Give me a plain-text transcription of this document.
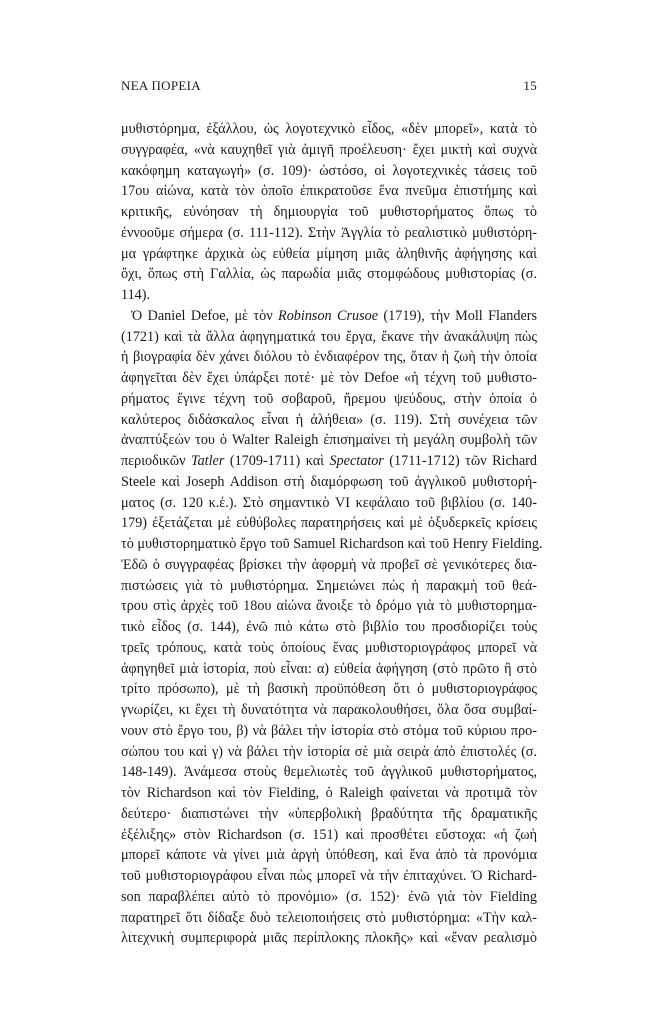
ΝΕΑ ΠΟΡΕΙΑ	15
μυθιστόρημα, ἐξάλλου, ὡς λογοτεχνικὸ εἶδος, «δὲν μπορεῖ», κατὰ τὸ
συγγραφέα, «νὰ καυχηθεῖ γιὰ ἀμιγῆ προέλευση· ἔχει μικτὴ καὶ συχνὰ
κακόφημη καταγωγή» (σ. 109)· ὡστόσο, οἱ λογοτεχνικὲς τάσεις τοῦ
17ου αἰώνα, κατὰ τὸν ὁποῖο ἐπικρατοῦσε ἕνα πνεῦμα ἐπιστήμης καὶ
κριτικῆς, εὐνόησαν τὴ δημιουργία τοῦ μυθιστορήματος ὅπως τὸ
ἐννοοῦμε σήμερα (σ. 111-112). Στὴν Ἀγγλία τὸ ρεαλιστικὸ μυθιστόρη-
μα γράφτηκε ἀρχικὰ ὡς εὐθεία μίμηση μιᾶς ἀληθινῆς ἀφήγησης καὶ
ὄχι, ὅπως στὴ Γαλλία, ὡς παρωδία μιᾶς στομφώδους μυθιστορίας (σ.
114).
Ὁ Daniel Defoe, μὲ τὸν Robinson Crusoe (1719), τὴν Moll Flanders
(1721) καὶ τὰ ἄλλα ἀφηγηματικά του ἔργα, ἔκανε τὴν ἀνακάλυψη πὼς
ἡ βιογραφία δὲν χάνει διόλου τὸ ἐνδιαφέρον της, ὅταν ἡ ζωὴ τὴν ὁποία
ἀφηγεῖται δὲν ἔχει ὑπάρξει ποτέ· μὲ τὸν Defoe «ἡ τέχνη τοῦ μυθιστο-
ρήματος ἔγινε τέχνη τοῦ σοβαροῦ, ἤρεμου ψεύδους, στὴν ὁποία ὁ
καλύτερος διδάσκαλος εἶναι ἡ ἀλήθεια» (σ. 119). Στὴ συνέχεια τῶν
ἀναπτύξεών του ὁ Walter Raleigh ἐπισημαίνει τὴ μεγάλη συμβολὴ τῶν
περιοδικῶν Tatler (1709-1711) καὶ Spectator (1711-1712) τῶν Richard
Steele καὶ Joseph Addison στὴ διαμόρφωση τοῦ ἀγγλικοῦ μυθιστορή-
ματος (σ. 120 κ.ἑ.). Στὸ σημαντικὸ VI κεφάλαιο τοῦ βιβλίου (σ. 140-
179) ἐξετάζεται μὲ εὐθύβολες παρατηρήσεις καὶ μὲ ὀξυδερκεῖς κρίσεις
τὸ μυθιστορηματικὸ ἔργο τοῦ Samuel Richardson καὶ τοῦ Henry Fielding.
Ἐδῶ ὁ συγγραφέας βρίσκει τὴν ἀφορμὴ νὰ προβεῖ σὲ γενικότερες δια-
πιστώσεις γιὰ τὸ μυθιστόρημα. Σημειώνει πὼς ἡ παρακμὴ τοῦ θεά-
τρου στὶς ἀρχὲς τοῦ 18ου αἰώνα ἄνοιξε τὸ δρόμο γιὰ τὸ μυθιστορημα-
τικὸ εἶδος (σ. 144), ἐνῶ πιὸ κάτω στὸ βιβλίο του προσδιορίζει τοὺς
τρεῖς τρόπους, κατὰ τοὺς ὁποίους ἕνας μυθιστοριογράφος μπορεῖ νὰ
ἀφηγηθεῖ μιὰ ἱστορία, ποὺ εἶναι: α) εὐθεία ἀφήγηση (στὸ πρῶτο ἢ στὸ
τρίτο πρόσωπο), μὲ τὴ βασικὴ προϋπόθεση ὅτι ὁ μυθιστοριογράφος
γνωρίζει, κι ἔχει τὴ δυνατότητα νὰ παρακολουθήσει, ὅλα ὅσα συμβαί-
νουν στὸ ἔργο του, β) νὰ βάλει τὴν ἱστορία στὸ στόμα τοῦ κύριου προ-
σώπου του καὶ γ) νὰ βάλει τὴν ἱστορία σὲ μιὰ σειρὰ ἀπὸ ἐπιστολές (σ.
148-149). Ἀνάμεσα στοὺς θεμελιωτὲς τοῦ ἀγγλικοῦ μυθιστορήματος,
τὸν Richardson καὶ τὸν Fielding, ὁ Raleigh φαίνεται νὰ προτιμᾶ τὸν
δεύτερο· διαπιστώνει τὴν «ὑπερβολικὴ βραδύτητα τῆς δραματικῆς
ἐξέλιξης» στὸν Richardson (σ. 151) καὶ προσθέτει εὔστοχα: «ἡ ζωὴ
μπορεῖ κάποτε νὰ γίνει μιὰ ἀργὴ ὑπόθεση, καὶ ἕνα ἀπὸ τὰ προνόμια
τοῦ μυθιστοριογράφου εἶναι πὼς μπορεῖ νὰ τὴν ἐπιταχύνει. Ὁ Richard-
son παραβλέπει αὐτὸ τὸ προνόμιο» (σ. 152)· ἐνῶ γιὰ τὸν Fielding
παρατηρεῖ ὅτι δίδαξε δυὸ τελειοποιήσεις στὸ μυθιστόρημα: «Τὴν καλ-
λιτεχνικὴ συμπεριφορὰ μιᾶς περίπλοκης πλοκῆς» καὶ «ἕναν ρεαλισμὸ
